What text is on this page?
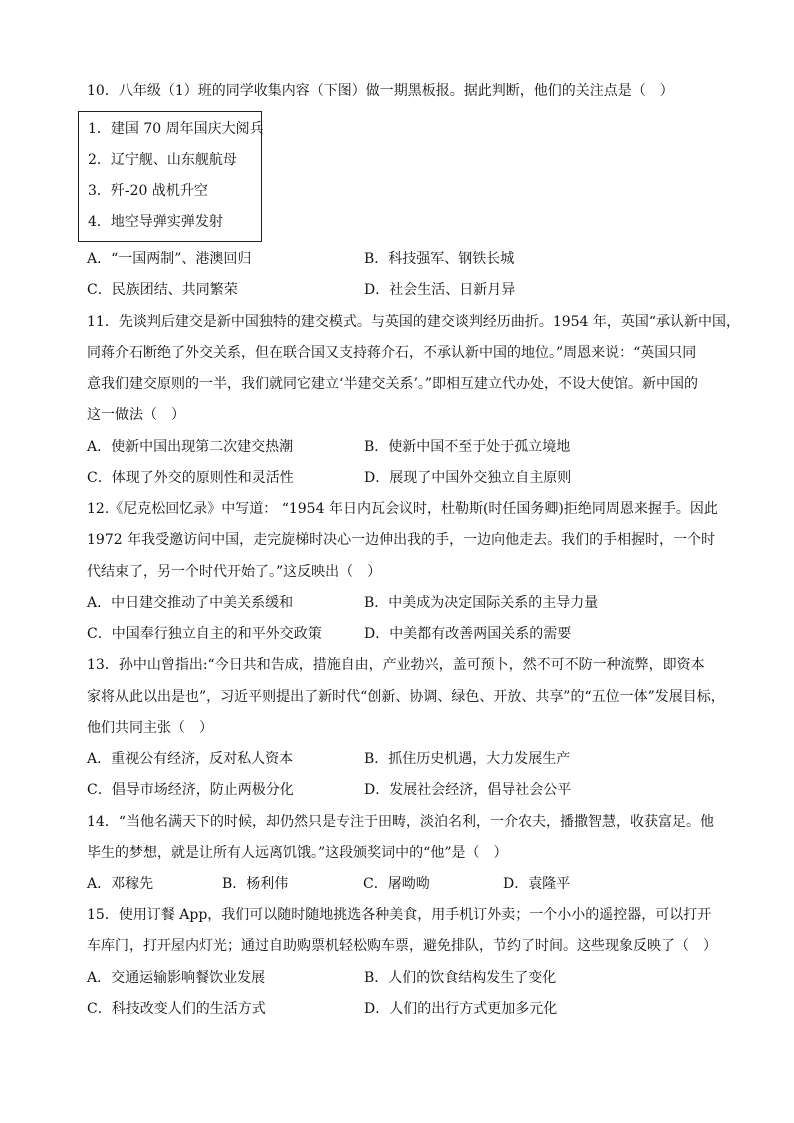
10．八年级（1）班的同学收集内容（下图）做一期黑板报。据此判断，他们的关注点是（　）
1．建国 70 周年国庆大阅兵
2．辽宁舰、山东舰航母
3．歼-20 战机升空
4．地空导弹实弹发射
A．“一国两制”、港澳回归	B．科技强军、钢铁长城
C．民族团结、共同繁荣	D．社会生活、日新月异
11．先谈判后建交是新中国独特的建交模式。与英国的建交谈判经历曲折。1954 年，英国“承认新中国，
同蒋介石断绝了外交关系，但在联合国又支持蒋介石，不承认新中国的地位。”周恩来说：“英国只同
意我们建交原则的一半，我们就同它建立‘半建交关系’。”即相互建立代办处，不设大使馆。新中国的
这一做法（　）
A．使新中国出现第二次建交热潮	B．使新中国不至于处于孤立境地
C．体现了外交的原则性和灵活性	D．展现了中国外交独立自主原则
12.《尼克松回忆录》中写道： “1954 年日内瓦会议时，杜勒斯(时任国务卿)拒绝同周恩来握手。因此
1972 年我受邀访问中国，走完旋梯时决心一边伸出我的手，一边向他走去。我们的手相握时，一个时
代结束了，另一个时代开始了。”这反映出（　）
A．中日建交推动了中美关系缓和	B．中美成为决定国际关系的主导力量
C．中国奉行独立自主的和平外交政策	D．中美都有改善两国关系的需要
13．孙中山曾指出:“今日共和告成，措施自由，产业勃兴，盖可预卜，然不可不防一种流弊，即资本
家将从此以出是也”，习近平则提出了新时代“创新、协调、绿色、开放、共享”的“五位一体”发展目标，
他们共同主张（　）
A．重视公有经济，反对私人资本	B．抓住历史机遇，大力发展生产
C．倡导市场经济，防止两极分化	D．发展社会经济，倡导社会公平
14．“当他名满天下的时候，却仍然只是专注于田畴，淡泊名利，一介农夫，播撒智慧，收获富足。他
毕生的梦想，就是让所有人远离饥饿。”这段颁奖词中的“他”是（　）
A．邓稼先	B．杨利伟	C．屠呦呦	D．袁隆平
15．使用订餐 App，我们可以随时随地挑选各种美食，用手机订外卖；一个小小的遥控器，可以打开
车库门，打开屋内灯光；通过自助购票机轻松购车票，避免排队，节约了时间。这些现象反映了（　）
A．交通运输影响餐饮业发展	B．人们的饮食结构发生了变化
C．科技改变人们的生活方式	D．人们的出行方式更加多元化
